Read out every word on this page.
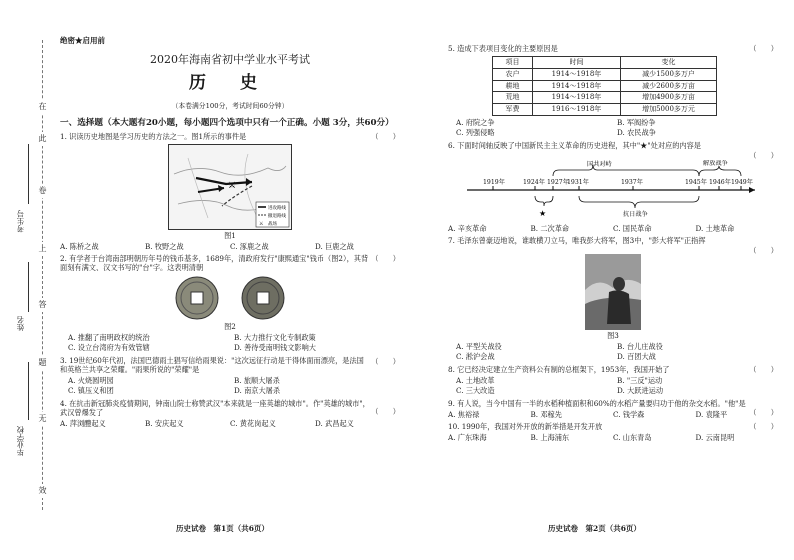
在
此
卷
上
答
题
无
效
考生号
姓名
毕业学校
绝密★启用前
2020年海南省初中学业水平考试
历 史
（本卷满分100分，考试时间60分钟）
一、选择题（本大题有20小题，每小题四个选项中只有一个正确。小题 3分，共60分）
1. 识读历史地图是学习历史的方法之一。图1所示的事件是	（　　）
⚔
进攻路线
撤退路线
⚔ 战场
图1
A. 陈桥之战	B. 牧野之战	C. 涿鹿之战	D. 巨鹿之战
2. 有学者于台湾南部明朝历年号的钱币基多，1689年，清政府发行"康熙通宝"钱币（图2），其背面刻有满文、汉文书写的"台"字。这表明清朝
（　　）
图2
A. 推翻了南明政权的统治	B. 大力推行文化专制政策
C. 设立台湾府为有效管辖	D. 善待受南明钱文影响大
3. 19世纪60年代初，法国巴德雨土猖写信给雨果说："这次远征行动是干得体面而漂亮，是法国和英格兰共享之荣耀。"雨果所说的"荣耀"是
（　　）
A. 火烧圆明园	B. 旅顺大屠杀
C. 镇压义和团	D. 南京大屠杀
4. 在抗击新冠肺炎疫情期间，钟南山院士称赞武汉"本来就是一座英雄的城市"。作"英雄的城市"，武汉曾爆发了	（　　）
A. 萍浏醴起义	B. 安庆起义	C. 黄花岗起义	D. 武昌起义
历史试卷　第1页（共6页）
5. 造成下表项目变化的主要原因是	（　　）
项目	时间	变化
农户	1914～1918年	减少1500多万户
耕地	1914～1918年	减少2600多万亩
荒地	1914～1918年	增加4900多万亩
军费	1916～1918年	增加5000多万元
A. 府院之争	B. 军阀纷争
C. 列强侵略	D. 农民战争
6. 下面时间轴反映了中国新民主主义革命的历史进程，其中"★"处对应的内容是
（　　）
1919年	1924年 1927年
1931年	1937年	1945年 1946年 1949年
国共对峙	解放战争
抗日战争
★
A. 辛亥革命	B. 二次革命	C. 国民革命	D. 土地革命
7. 毛泽东曾豪迈地说，谁敢横刀立马，唯我彭大将军，图3中，"彭大将军"正指挥
（　　）
图3
A. 平型关战役	B. 台儿庄战役
C. 淞沪会战	D. 百团大战
8. 它已经决定建立生产资料公有制的总框架下，1953年，我国开始了	（　　）
A. 土地改革	B. "三反"运动
C. 三大改造	D. 大跃进运动
9. 有人说，当今中国有一半的水稻种植面积和60%的水稻产量要归功于他的杂交水稻。"他"是
（　　）
A. 焦裕禄	B. 邓稼先	C. 钱学森	D. 袁隆平
10. 1990年，我国对外开放的新举措是开发开放	（　　）
A. 广东珠海	B. 上海浦东	C. 山东青岛	D. 云南昆明
历史试卷　第2页（共6页）
